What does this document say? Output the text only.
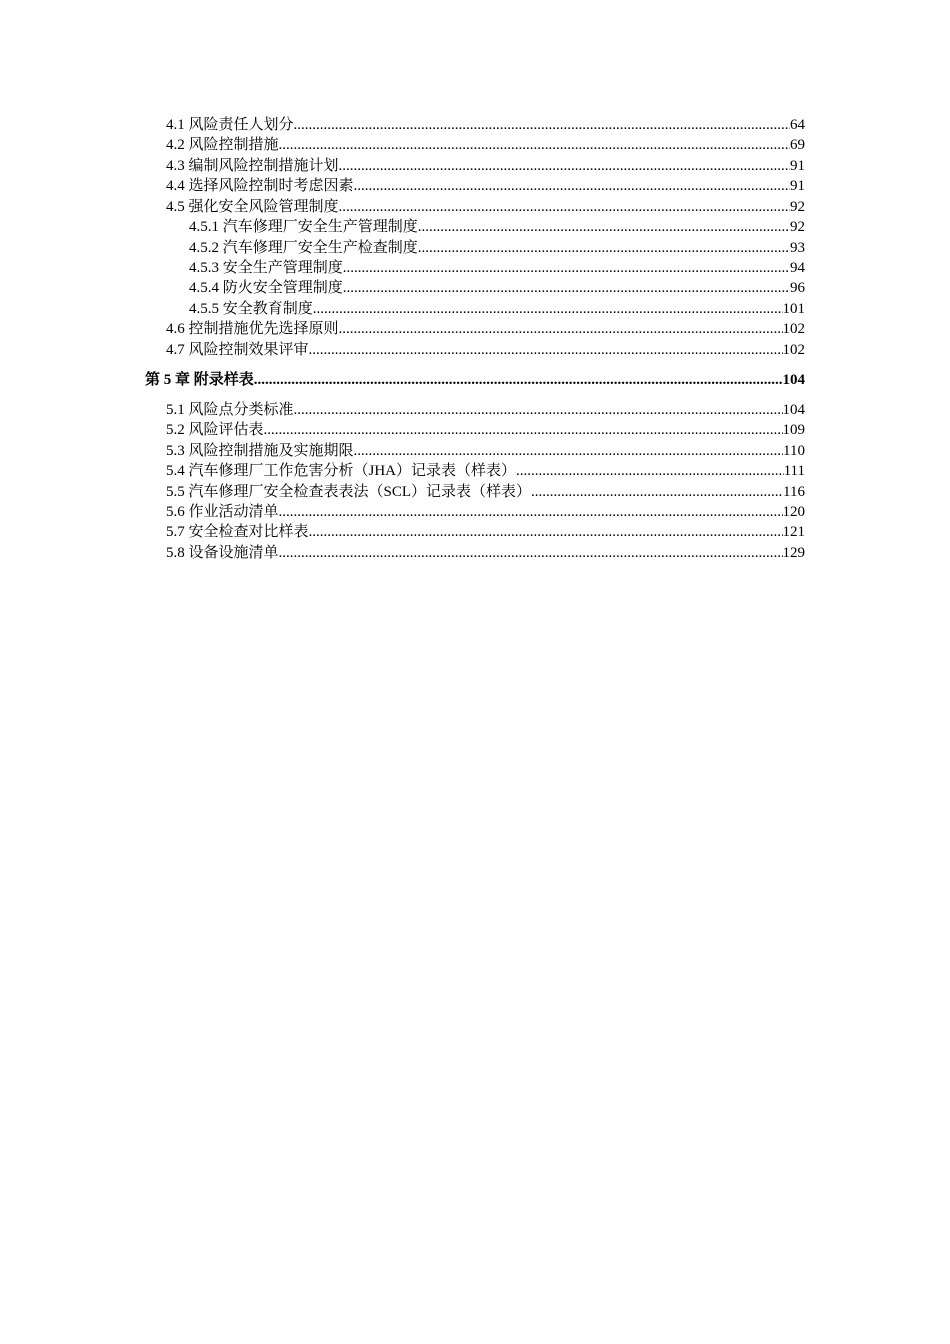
4.1 风险责任人划分 .....	64
4.2 风险控制措施 .....	69
4.3 编制风险控制措施计划 .....	91
4.4 选择风险控制时考虑因素 .....	91
4.5 强化安全风险管理制度 .....	92
4.5.1 汽车修理厂安全生产管理制度 .....	92
4.5.2 汽车修理厂安全生产检查制度 .....	93
4.5.3 安全生产管理制度 .....	94
4.5.4 防火安全管理制度 .....	96
4.5.5 安全教育制度 .....	101
4.6 控制措施优先选择原则 .....	102
4.7 风险控制效果评审 .....	102
第 5 章 附录样表 .....	104
5.1 风险点分类标准 .....	104
5.2 风险评估表 .....	109
5.3 风险控制措施及实施期限 .....	110
5.4 汽车修理厂工作危害分析（JHA）记录表（样表） .....	111
5.5 汽车修理厂安全检查表表法（SCL）记录表（样表） .....	116
5.6 作业活动清单 .....	120
5.7 安全检查对比样表 .....	121
5.8 设备设施清单 .....	129
